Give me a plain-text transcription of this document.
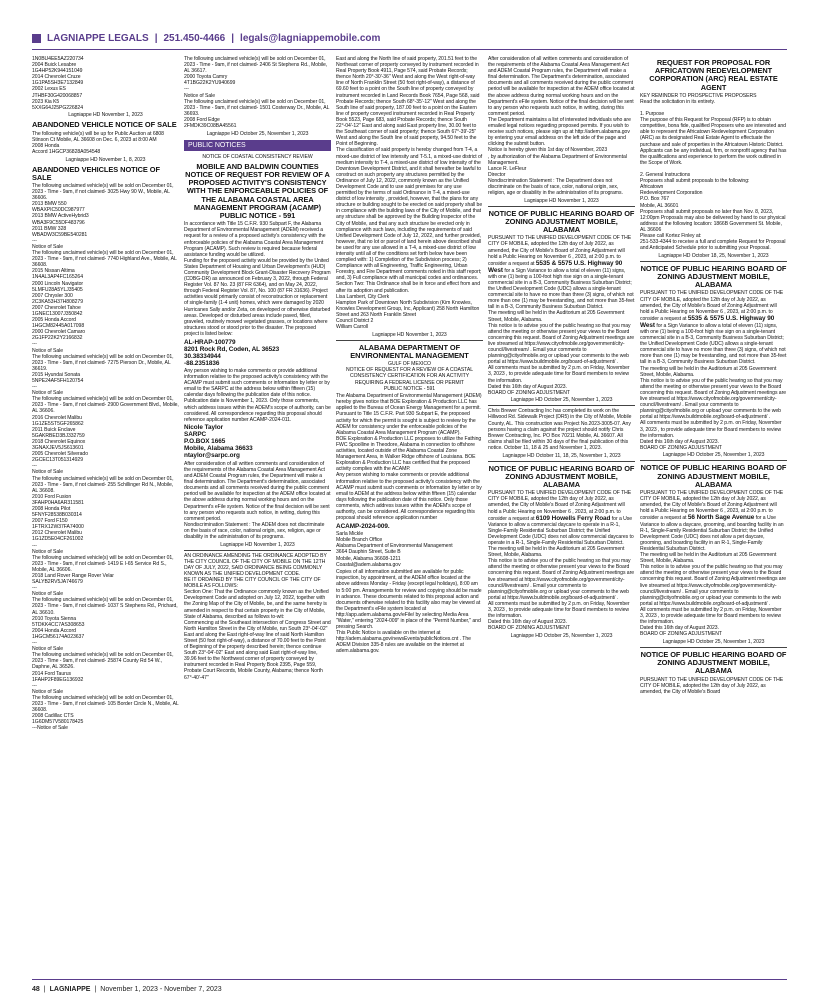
LAGNIAPPE LEGALS | 251.450-4466 | legals@lagniappemobile.com

1N0BU4EE5AZ220734
2004 Buick Lesabre
1G4HP52K944151049
2014 Chevrolet Cruze
1G1PA5SH3E7132849
2002 Lexus ES
JTHBF30G420068857
2023 Kia K5
5XXG64J25PG226824

Lagniappe HD November 1, 2023

ABANDONED VEHICLE NOTICE OF SALE

The following vehicle(s) will be up for Public Auction at 6808 Stinson Ct Mobile, AL 36608 on Dec. 6, 2023 at 8:00 AM
2008 Honda
Accord 1HGCP36828A054548

Lagniappe HD November 1, 8, 2023

ABANDONED VEHICLES NOTICE OF SALE

The following unclaimed vehicle(s) will be sold on December 01, 2023 - Time - 9am, if not claimed- 3025 Hwy 90 W., Mobile, AL 36606.
2013 BMW 550
WBAXPIC50DC987977
2013 BMW ActiveHybrid3
WBA3F9C55DF483796
2011 BMW 328
WBADW3C59BE540281
---
Notice of Sale
The following unclaimed vehicle(s) will be sold on December 01, 2023 - Time - 9am, if not claimed- 7740 Highland Ave., Mobile, AL 36608.
2015 Nissan Altima
1N4AL3AP4FC165264
2000 Lincoln Navigator
5LMFU28A5YLJ35405
2007 Chrysler 300
2C3KA53H37H808279
2007 Chevrolet Tahoe
1GNEC13007J350842
2005 Honda Accord
1HGCM82445A017098
2000 Chevrolet Camaro
2G1FP22K2Y2166832
---
Notice of Sale
The following unclaimed vehicle(s) will be sold on December 01, 2023 - Time - 9am, if not claimed- 7275 Pierson Dr., Mobile, AL 36619.
2015 Hyundai Sonata
5NPE24AF5FH120754
---
Notice of Sale
The following unclaimed vehicle(s) will be sold on December 01, 2023 - Time - 9am, if not claimed- 2900 Government Blvd., Mobile, AL 36606.
2016 Chevrolet Malibu
1G1ZE5ST5GF265862
2011 Buick Enclave
5GAKRBED3BJ332759
2018 Chevrolet Equinox
3GNAXJEV5JS613601
2005 Chevrolet Silverado
2GCEC13T051314929
---
Notice of Sale
The following unclaimed vehicle(s) will be sold on December 01, 2023 - Time - 9am, if not claimed- 255 Schillinger Rd N., Mobile, AL 36608.
2010 Ford Fusion
3FAHP0HA6AR311581
2008 Honda Pilot
5FNYF28538B030314
2007 Ford F150
1FTRX12W37FA74000
2012 Chevrolet Malibu
1G1ZD5E04CF261002
---
Notice of Sale
The following unclaimed vehicle(s) will be sold on December 01, 2023 - Time - 9am, if not claimed- 1419 E I-65 Service Rd S., Mobile, AL 36606.
2018 Land Rover Range Rover Velar
SALYB2RV5JA746679
---
Notice of Sale
The following unclaimed vehicle(s) will be sold on December 01, 2023 - Time - 9am, if not claimed- 1037 S Stephens Rd., Prichard, AL 36610.
2010 Toyota Sienna
5TDKK4CC7AS308653
2004 Honda Accord
1HGCM56174A023637
---
Notice of Sale
The following unclaimed vehicle(s) will be sold on December 01, 2023 - Time - 9am, if not claimed- 25874 County Rd 54 W., Daphne, AL 36526.
2014 Ford Taurus
1FAHP2F89EG136932
---
Notice of Sale
The following unclaimed vehicle(s) will be sold on December 01, 2023 - Time - 9am, if not claimed- 105 Border Circle N., Mobile, AL 36608.
2008 Cadillac CTS
1G6DM57V580178425
---Notice of Sale

The following unclaimed vehicle(s) will be sold on December 01, 2023 - Time - 9am, if not claimed- 2406 St Stephens Rd., Mobile, AL 36617.
2000 Toyota Camry
4T1BG22K2YU940699
---
Notice of Sale
The following unclaimed vehicle(s) will be sold on December 01, 2023 - Time - 9am, if not claimed- 1501 Costerway Dr., Mobile, AL 36693.
2008 Ford Edge
2FMDK39C08BA45561

Lagniappe HD October 25, November 1, 2023

PUBLIC NOTICES

NOTICE OF COASTAL CONSISTENCY REVIEW

MOBILE AND BALDWIN COUNTIES NOTICE OF REQUEST FOR REVIEW OF A PROPOSED ACTIVITY'S CONSISTENCY WITH THE ENFORCEABLE POLICIES OF THE ALABAMA COASTAL AREA MANAGEMENT PROGRAM (ACAMP) PUBLIC NOTICE - 591

In accordance with Title 15 C.F.R. 930 Subpart F, the Alabama Department of Environmental Management (ADEM) received a request for a review of a proposed activity's consistency with the enforceable policies of the Alabama Coastal Area Management Program (ACAMP). Such review is required because federal assistance funding would be utilized.
Funding for the proposed activity would be provided by the United States Department of Housing and Urban Development's (HUD) Community Development Block Grant-Disaster Recovery Program (CDBG-DR) as announced on February 3, 2022, through Federal Register Vol. 87 No. 23 (87 FR 6364), and on May 24, 2022, through Federal Register Vol. 87, No. 100 (87 FR 31636). Project activities would primarily consist of reconstruction or replacement of single-family (1-4 unit) homes, which were damaged by 2020 Hurricanes Sally and/or Zeta, on developed or otherwise disturbed areas. Developed or disturbed areas include paved, filled, graveled, routinely mowed vegetated grasses, or locations where structures stood or stood prior to the disaster. The proposed project is listed below:

AL-HRAP-100779
8201 Rock Rd, Coden, AL 36523
30.38334944
-88.2351836

Any person wishing to make comments or provide additional information relative to the proposed activity's consistency with the ACAMP must submit such comments or information by letter or by email to the SARPC at the address below within fifteen (15) calendar days following the publication date of this notice. Publication date is November 1, 2023. Only those comments, which address issues within the ADEM's scope of authority, can be considered. All correspondence regarding this proposal should reference application number ACAMP-2024-011.

Nicole Taylor
SARPC
P.O.BOX 1665
Mobile, Alabama 36633
ntaylor@sarpc.org

After consideration of all written comments and consideration of the requirements of the Alabama Coastal Area Management Act and ADEM Coastal Program rules, the Department will make a final determination. The Department's determination, associated documents and all comments received during the public comment period will be available for inspection at the ADEM office located at the above address during normal working hours and on the Department's eFile system. Notice of the final decision will be sent to any person who requests such notice, in writing, during this comment period.
Nondiscrimination Statement : The ADEM does not discriminate on the basis of race, color, national origin, sex, religion, age or disability in the administration of its programs.

Lagniappe HD November 1, 2023

AN ORDINANCE AMENDING THE ORDINANCE ADOPTED BY THE CITY COUNCIL OF THE CITY OF MOBILE ON THE 12TH DAY OF JULY, 2022, SAID ORDINANCE BEING COMMONLY KNOWN AS THE UNIFIED DEVELOPMENT CODE.
BE IT ORDAINED BY THE CITY COUNCIL OF THE CITY OF MOBILE AS FOLLOWS:
Section One: That the Ordinance commonly known as the Unified Development Code and adopted on July 12, 2022, together with the Zoning Map of the City of Mobile, be, and the same hereby is amended in respect to that certain property in the City of Mobile, State of Alabama, described as follows to-wit:
Commencing at the Southeast intersection of Congress Street and North Hamilton Street in the City of Mobile, run South 23°-04'-02" East and along the East right-of-way line of said North Hamilton Street (50 foot right-of-way), a distance of 70.00 feet to the Point of Beginning of the property described herein; thence continue South 23°-04'-02" East and along said East right-of-way line, 39.96 feet to the Northwest corner of property conveyed by instrument recorded in Real Property Book 2395, Page 559, Probate Court Records, Mobile County, Alabama; thence North 67°-40'-47"

East and along the North line of said property, 201.51 feet to the Northeast corner of property conveyed by instrument recorded in Real Property Book 4911, Page 574, said Probate Records; thence North 20°-30'-36" West and along the West right-of-way line of North Franklin Street (50 foot right-of-way), a distance of 69.60 feet to a point on the South line of property conveyed by instrument recorded in Land Records Book 7654, Page 568, said Probate Records; thence South 68°-35'-12" West and along the South line of said property, 187.00 feet to a point on the Eastern line of property conveyed instrument recorded in Real Property Book 5523, Page 683, said Probate Records; thence South 22°-04'-12" East and along said East property line, 30.00 feet to the Southeast corner of said property; thence South 67°-39'-25" West and along the South line of said property, 94.50 feet to the Point of Beginning.
The classification of said property is hereby changed from T-4, a mixed-use district of low intensity and T-5.1, a mixed-use district of medium intensity to T-4, a mixed-use district of low intensity of the Downtown Development District, and it shall hereafter be lawful to construct on such property any structures permitted by the Ordinance of July 12, 2022, commonly known as the Unified Development Code and to use said premises for any use permitted by the terms of said Ordinance in T-4, a mixed-use district of low intensity , provided, however, that the plans for any structure or building sought to be erected on said property shall be in compliance with the building laws of the City of Mobile, and that any structure shall be approved by the Building Inspector of the City of Mobile, and that any such structure be erected only in compliance with such laws, including the requirements of said Unified Development Code of July 12, 2022, and further provided, however, that no lot or parcel of land herein above described shall be used for any use allowed in a T-4, a mixed-use district of low intensity until all of the conditions set forth below have been complied with: 1) Completion of the Subdivision process; 2) Compliance with all Engineering, Traffic Engineering, Urban Forestry, and Fire Department comments noted in this staff report; and, 3) Full compliance with all municipal codes and ordinances.
Section Two: This Ordinance shall be in force and effect from and after its adoption and publication.
Lisa Lambert, City Clerk
Hampton Park of Downtown North Subdivision (Kim Knowles, Knowles Development Group, Inc, Applicant) 258 North Hamilton Street and 263 North Franklin Street
Council District 2
William Carroll

Lagniappe HD November 1, 2023

ALABAMA DEPARTMENT OF ENVIRONMENTAL MANAGEMENT

GULF OF MEXICO
NOTICE OF REQUEST FOR A REVIEW OF A COASTAL CONSISTENCY CERTIFICATION FOR AN ACTIVITY REQUIRING A FEDERAL LICENSE OR PERMIT
PUBLIC NOTICE - 591

The Alabama Department of Environmental Management (ADEM) hereby gives notice that BOE Exploration & Production LLC has applied to the Bureau of Ocean Energy Management for a permit. Pursuant to Title 15 C.F.R. Part 930 Subpart E, the proposed activity for which the permit is sought is subject to review by the ADEM for consistency under the enforceable policies of the Alabama Coastal Area Management Program (ACAMP).
BOE Exploration & Production LLC proposes to utilize the Fathing FWC Spoolline in Theodore, Alabama in connection to offshore activities, located outside of the Alabama Coastal Zone Management Area, in Walker Ridge offshore of Louisiana. BOE Exploration & Production LLC has certified that the proposed activity complies with the ACAMP.
Any person wishing to make comments or provide additional information relative to the proposed activity's consistency with the ACAMP must submit such comments or information by letter or by email to ADEM at the address below within fifteen (15) calendar days following the publication date of this notice. Only those comments, which address issues within the ADEM's scope of authority, can be considered. All correspondence regarding this proposal should reference application number

ACAMP-2024-009.

Sarla Mickle
Mobile Branch Office
Alabama Department of Environmental Management
3664 Dauphin Street, Suite B
Mobile, Alabama 36608-1211
Coastal@adem.alabama.gov

Copies of all information submitted are available for public inspection, by appointment, at the ADEM office located at the above address Monday - Friday (except legal holidays), 8:00 am to 5:00 pm. Arrangements for review and copying should be made in advance. These documents related to this proposal action and documents otherwise related to this facility also may be viewed at the Department's eFile system located at http://app.adem.alabama.gov/eFile/ by selecting Media Area "Water," entering "2024-009" in place of the "Permit Number," and pressing Search.
This Public Notice is available on the internet at http://adem.alabama.gov/newsEvents/publicNotices.cnt . The ADEM Division 335-8 rules are available on the internet at adem.alabama.gov.

After consideration of all written comments and consideration of the requirements of the Alabama Coastal Area Management Act and ADEM Coastal Program rules, the Department will make a final determination. The Department's determination, associated documents and all comments received during the public comment period will be available for inspection at the ADEM office located at the above address during normal working hours and on the Department's eFile system. Notice of the final decision will be sent to any person who requests such notice, in writing, during this comment period.
The Department maintains a list of interested individuals who are emailed legal notices regarding proposed permits. If you wish to receive such notices, please sign up at http://adem.alabama.gov by entering your email address on the left side of the page and clicking the submit button.
Notice is hereby given this 1st day of November, 2023
, by authorization of the Alabama Department of Environmental Management.
Lance R. LeFleur
Director
Nondiscrimination Statement : The Department does not discriminate on the basis of race, color, national origin, sex, religion, age or disability in the administration of its programs.

Lagniappe HD November 1, 2023

NOTICE OF PUBLIC HEARING BOARD OF ZONING ADJUSTMENT MOBILE, ALABAMA

PURSUANT TO THE UNIFIED DEVELOPMENT CODE OF THE CITY OF MOBILE, adopted the 12th day of July 2022, as amended, the City of Mobile's Board of Zoning Adjustment will hold a Public Hearing on November 6 , 2023, at 2:00 p.m. to consider a request at 5535 & 5575 U.S. Highway 90 West for a Sign Variance to allow a total of eleven (11) signs, with one (1) being a 100-foot high rise sign on a single-tenant commercial site in a B-3, Community Business Suburban District; the Unified Development Code (UDC) allows a single-tenant commercial site to have no more than three (3) signs, of which not more than one (1) may be freestanding, and not more than 35-feet tall in a B-3, Community Business Suburban District.
The meeting will be held in the Auditorium at 205 Government Street, Mobile, Alabama.
This notice is to advise you of the public hearing so that you may attend the meeting or otherwise present your views to the Board concerning this request. Board of Zoning Adjustment meetings are live streamed at https://www.cityofmobile.org/government/city-council/livestream/ . Email your comments to planning@cityofmobile.org or upload your comments to the web portal at https://www.buildmobile.org/board-of-adjustment/ .
All comments must be submitted by 2 p.m. on Friday, November 3, 2023 , to provide adequate time for Board members to review the information.
Dated this 16th day of August 2023.
BOARD OF ZONING ADJUSTMENT

Lagniappe HD October 25, November 1, 2023

Chris Brewer Contracting Inc has completed its work on the Hillwood Rd. Sidewalk Project (DR5) in the City of Mobile, Mobile County, AL. This construction was Project No.2023-3005-07. Any persons having a claim against the project should notify Chris Brewer Contracting, Inc. PO Box 70211 Mobile, AL 36607. All claims shall be filed within 30 days of the final publication of this notice. October 11, 18 & 25 and November 1, 2023.

Lagniappe HD October 11, 18, 25, November 1, 2023

NOTICE OF PUBLIC HEARING BOARD OF ZONING ADJUSTMENT MOBILE, ALABAMA

PURSUANT TO THE UNIFIED DEVELOPMENT CODE OF THE CITY OF MOBILE, adopted the 12th day of July 2022, as amended, the City of Mobile's Board of Zoning Adjustment will hold a Public Hearing on November 6 , 2023, at 2:00 p.m. to consider a request at 6109 Howells Ferry Road for a Use Variance to allow a commercial daycare to operate in a R-1, Single-Family Residential Suburban District; the Unified Development Code (UDC) does not allow commercial daycares to operate in a R-1, Single-Family Residential Suburban District.
The meeting will be held in the Auditorium at 205 Government Street, Mobile, Alabama.
This notice is to advise you of the public hearing so that you may attend the meeting or otherwise present your views to the Board concerning this request. Board of Zoning Adjustment meetings are live streamed at https://www.cityofmobile.org/government/city-council/livestream/ . Email your comments to planning@cityofmobile.org or upload your comments to the web portal at https://www.buildmobile.org/board-of-adjustment/ .
All comments must be submitted by 2 p.m. on Friday, November 3, 2023 , to provide adequate time for Board members to review the information.
Dated this 16th day of August 2023.
BOARD OF ZONING ADJUSTMENT

Lagniappe HD October 25, November 1, 2023

REQUEST FOR PROPOSAL FOR AFRICATOWN REDEVELOPMENT CORPORATION (ARC) REAL ESTATE AGENT

KEY REMINDER TO PROSPECTIVE PROPOSERS
Read the solicitation in its entirety.

1. Purpose
The purpose of this Request for Proposal (RFP) is to obtain competitive, bona fide, qualified Proposers who are interested and able to represent the Africatown Redevelopment Corporation (ARC) as its designated Real Estate Agent to effectuate the purchase and sale of properties in the Africatown Historic District. Applicants can be any individual, firm, or nonprofit agency that has the qualifications and experience to perform the work outlined in the Scope of Work.

2. General Instructions
Proposers shall submit proposals to the following:
Africatown
Redevelopment Corporation
P.O. Box 767
Mobile, AL 36601
Proposers shall submit proposals no later than Nov. 8, 2023, 12:00pm Proposals may also be delivered by hand to our physical address at the following location: 1866B Government St. Mobile, AL 36606
Please call Kortez Finley at:
251-533-4344 to receive a full and complete Request for Proposal and Anticipated Schedule prior to submitting your Proposal.

Lagniappe HD October 18, 25, November 1, 2023

NOTICE OF PUBLIC HEARING BOARD OF ZONING ADJUSTMENT MOBILE, ALABAMA

PURSUANT TO THE UNIFIED DEVELOPMENT CODE OF THE CITY OF MOBILE, adopted the 12th day of July 2022, as amended, the City of Mobile's Board of Zoning Adjustment will hold a Public Hearing on November 6 , 2023, at 2:00 p.m. to consider a request at 5535 & 5575 U.S. Highway 90 West for a Sign Variance to allow a total of eleven (11) signs, with one (1) being a 100-foot high rise sign on a single-tenant commercial site in a B-3, Community Business Suburban District; the Unified Development Code (UDC) allows a single-tenant commercial site to have no more than three (3) signs, of which not more than one (1) may be freestanding, and not more than 35-feet tall in a B-3, Community Business Suburban District.
The meeting will be held in the Auditorium at 205 Government Street, Mobile, Alabama.
This notice is to advise you of the public hearing so that you may attend the meeting or otherwise present your views to the Board concerning this request. Board of Zoning Adjustment meetings are live streamed at https://www.cityofmobile.org/government/city-council/livestream/ . Email your comments to planning@cityofmobile.org or upload your comments to the web portal at https://www.buildmobile.org/board-of-adjustment/ .
All comments must be submitted by 2 p.m. on Friday, November 3, 2023 , to provide adequate time for Board members to review the information.
Dated this 16th day of August 2023.
BOARD OF ZONING ADJUSTMENT

Lagniappe HD October 25, November 1, 2023

NOTICE OF PUBLIC HEARING BOARD OF ZONING ADJUSTMENT MOBILE, ALABAMA

PURSUANT TO THE UNIFIED DEVELOPMENT CODE OF THE CITY OF MOBILE, adopted the 12th day of July 2022, as amended, the City of Mobile's Board of Zoning Adjustment will hold a Public Hearing on November 6 , 2023, at 2:00 p.m. to consider a request at 56 North Sage Avenue for a Use Variance to allow a daycare, grooming, and boarding facility in an R-1, Single-Family Residential Suburban District; the Unified Development Code (UDC) does not allow a pet daycare, grooming, and boarding facility in an R-1, Single-Family Residential Suburban District.
The meeting will be held in the Auditorium at 205 Government Street, Mobile, Alabama.
This notice is to advise you of the public hearing so that you may attend the meeting or otherwise present your views to the Board concerning this request. Board of Zoning Adjustment meetings are live streamed at https://www.cityofmobile.org/government/city-council/livestream/ . Email your comments to planning@cityofmobile.org or upload your comments to the web portal at https://www.buildmobile.org/board-of-adjustment/ .
All comments must be submitted by 2 p.m. on Friday, November 3, 2023 , to provide adequate time for Board members to review the information.
Dated this 16th day of August 2023.
BOARD OF ZONING ADJUSTMENT

Lagniappe HD October 25, November 1, 2023

NOTICE OF PUBLIC HEARING BOARD OF ZONING ADJUSTMENT MOBILE, ALABAMA

PURSUANT TO THE UNIFIED DEVELOPMENT CODE OF THE CITY OF MOBILE, adopted the 12th day of July 2022, as amended, the City of Mobile's Board

48 | LAGNIAPPE | November 1, 2023 - November 7, 2023
